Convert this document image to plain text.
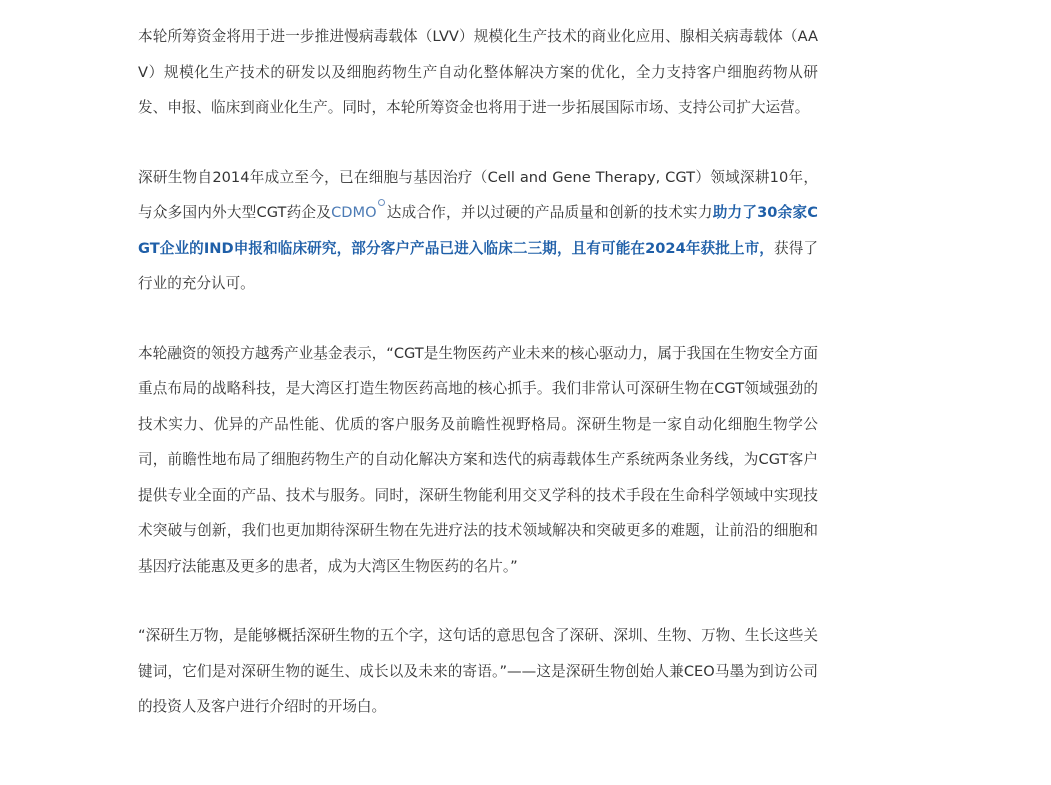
本轮所筹资金将用于进一步推进慢病毒载体（LVV）规模化生产技术的商业化应用、腺相关病毒载体（AAV）规模化生产技术的研发以及细胞药物生产自动化整体解决方案的优化，全力支持客户细胞药物从研发、申报、临床到商业化生产。同时，本轮所筹资金也将用于进一步拓展国际市场、支持公司扩大运营。

深研生物自2014年成立至今，已在细胞与基因治疗（Cell and Gene Therapy, CGT）领域深耕10年，与众多国内外大型CGT药企及CDMO 达成合作，并以过硬的产品质量和创新的技术实力助力了30余家CGT企业的IND申报和临床研究，部分客户产品已进入临床二三期，且有可能在2024年获批上市，获得了行业的充分认可。

本轮融资的领投方越秀产业基金表示，“CGT是生物医药产业未来的核心驱动力，属于我国在生物安全方面重点布局的战略科技，是大湾区打造生物医药高地的核心抓手。我们非常认可深研生物在CGT领域强劲的技术实力、优异的产品性能、优质的客户服务及前瞻性视野格局。深研生物是一家自动化细胞生物学公司，前瞻性地布局了细胞药物生产的自动化解决方案和迭代的病毒载体生产系统两条业务线，为CGT客户提供专业全面的产品、技术与服务。同时，深研生物能利用交叉学科的技术手段在生命科学领域中实现技术突破与创新，我们也更加期待深研生物在先进疗法的技术领域解决和突破更多的难题，让前沿的细胞和基因疗法能惠及更多的患者，成为大湾区生物医药的名片。”

“深研生万物，是能够概括深研生物的五个字，这句话的意思包含了深研、深圳、生物、万物、生长这些关键词，它们是对深研生物的诞生、成长以及未来的寄语。”——这是深研生物创始人兼CEO马墨为到访公司的投资人及客户进行介绍时的开场白。
